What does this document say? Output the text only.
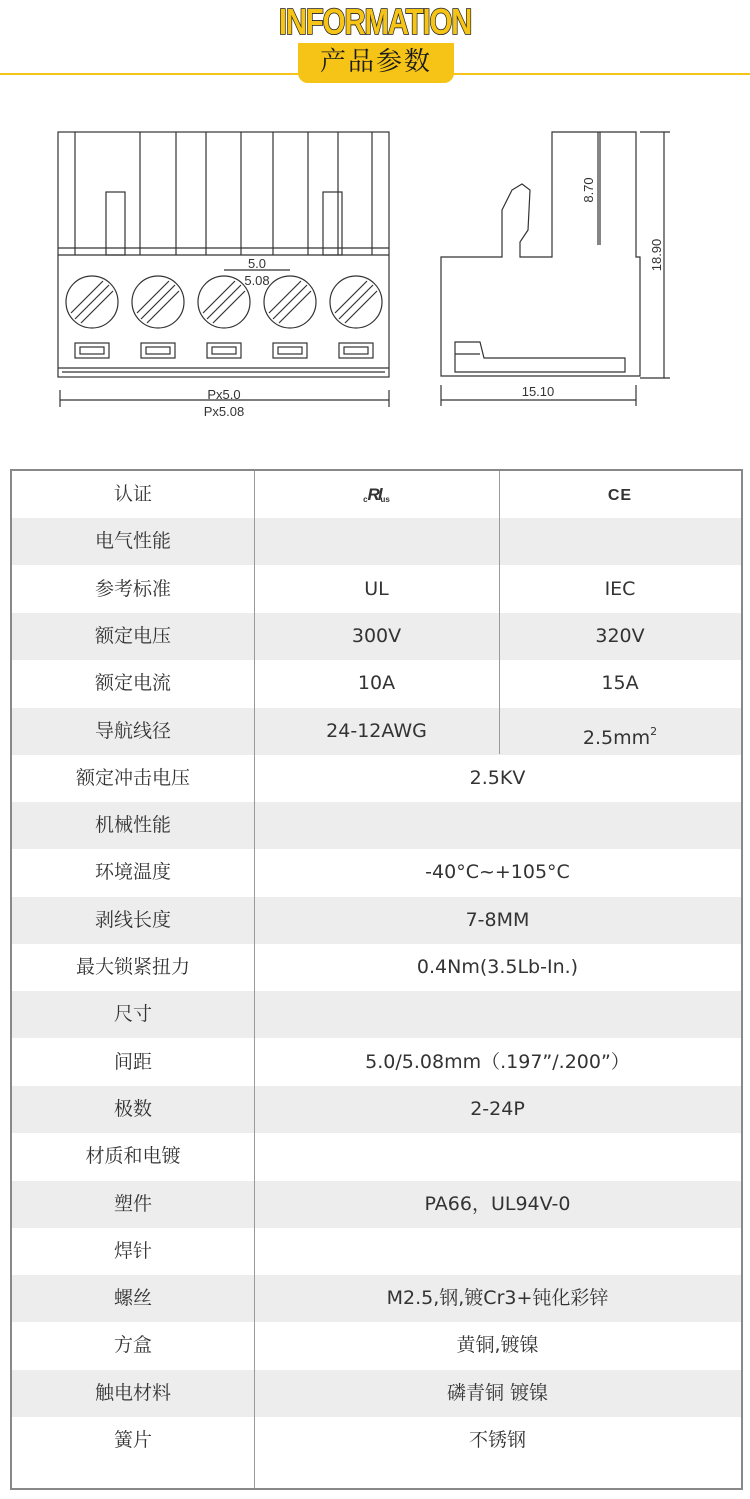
INFORMATION
产品参数
5.0
5.08
Px5.0
Px5.08
15.10
8.70
18.90
认证	cRlus	CE
电气性能
参考标准	UL	IEC
额定电压	300V	320V
额定电流	10A	15A
导航线径	24-12AWG	$2.5mm^2$
额定冲击电压	2.5KV
机械性能
环境温度	-40°C~+105°C
剥线长度	7-8MM
最大锁紧扭力	0.4Nm(3.5Lb-In.)
尺寸
间距	5.0/5.08mm（.197”/.200”）
极数	2-24P
材质和电镀
塑件	PA66，UL94V-0
焊针
螺丝	M2.5,钢,镀Cr3+钝化彩锌
方盒	黄铜,镀镍
触电材料	磷青铜 镀镍
簧片	不锈钢
